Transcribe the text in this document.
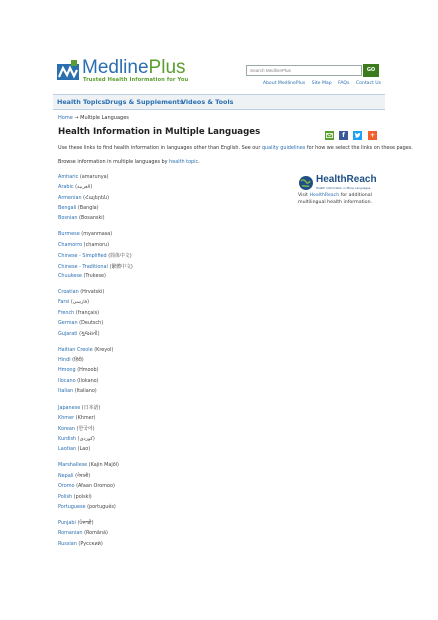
MedlinePlus
Trusted Health Information for You
Search MedlinePlus	GO
About MedlinePlus Site Map FAQs Contact Us
Health Topics Drugs & Supplements
Videos & Tools
Home → Multiple Languages
Health Information in Multiple Languages	f	+
Use these links to find health information in languages other than English. See our quality guidelines for how we select the links on these pages.
Browse information in multiple languages by health topic.
HealthReach
Health Information in Many Languages
Visit HealthReach for additional multilingual health information.
Amharic (amarunya)
Arabic (العربية)
Armenian (Հայերեն)
Bengali (Bangla)
Bosnian (Bosanski)
Burmese (myanmasa)
Chamorro (chamoru)
Chinese - Simplified (简体中文)
Chinese - Traditional (繁體中文)
Chuukese (Trukese)
Croatian (Hrvatski)
Farsi (فارسی)
French (français)
German (Deutsch)
Gujarati (ગુજરાતી)
Haitian Creole (Kreyol)
Hindi (हिंदी)
Hmong (Hmoob)
Ilocano (Ilokano)
Italian (Italiano)
Japanese (日本語)
Khmer (Khmer)
Korean (한국어)
Kurdish (کوردی)
Laotian (Lao)
Marshallese (Kajin Majōl)
Nepali (नेपाली)
Oromo (Afaan Oromoo)
Polish (polski)
Portuguese (português)
Punjabi (ਪੰਜਾਬੀ)
Romanian (Română)
Russian (Русский)
